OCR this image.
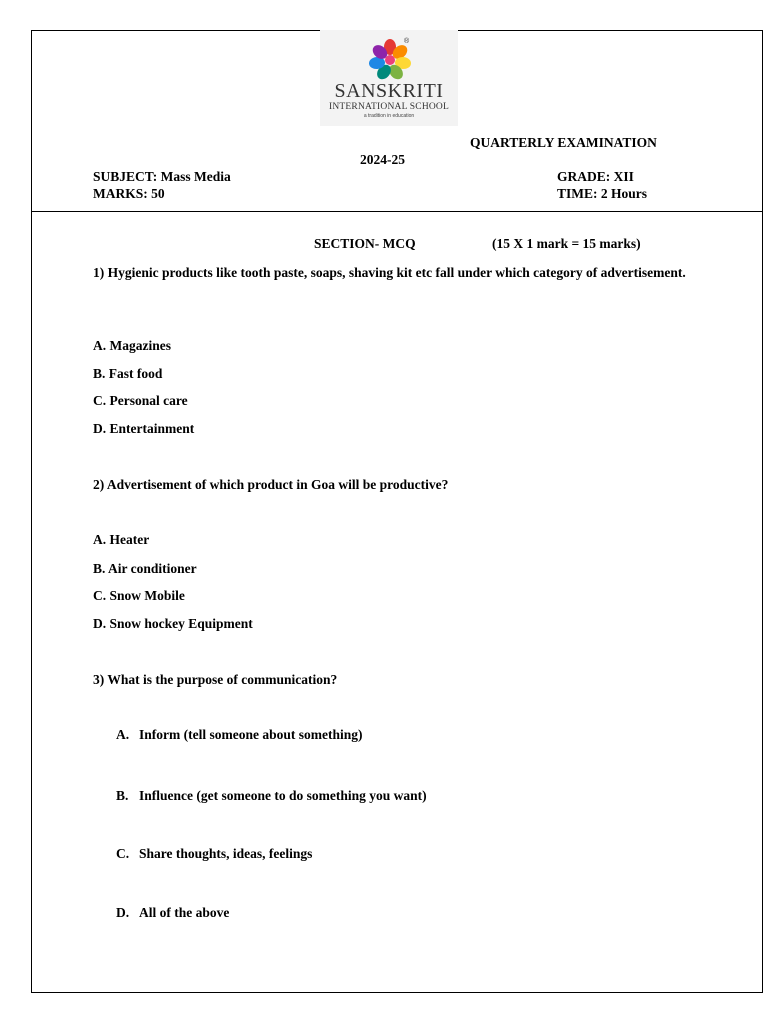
®
SANSKRITI
INTERNATIONAL SCHOOL
a tradition in education
QUARTERLY EXAMINATION
2024-25
SUBJECT: Mass Media	GRADE: XII
MARKS: 50	TIME: 2 Hours
SECTION- MCQ	(15 X 1 mark = 15 marks)
1) Hygienic products like tooth paste, soaps, shaving kit etc fall under which category of advertisement.
A. Magazines
B. Fast food
C. Personal care
D. Entertainment
2) Advertisement of which product in Goa will be productive?
A. Heater
B. Air conditioner
C. Snow Mobile
D. Snow hockey Equipment
3) What is the purpose of communication?
A. Inform (tell someone about something)
B. Influence (get someone to do something you want)
C. Share thoughts, ideas, feelings
D. All of the above
